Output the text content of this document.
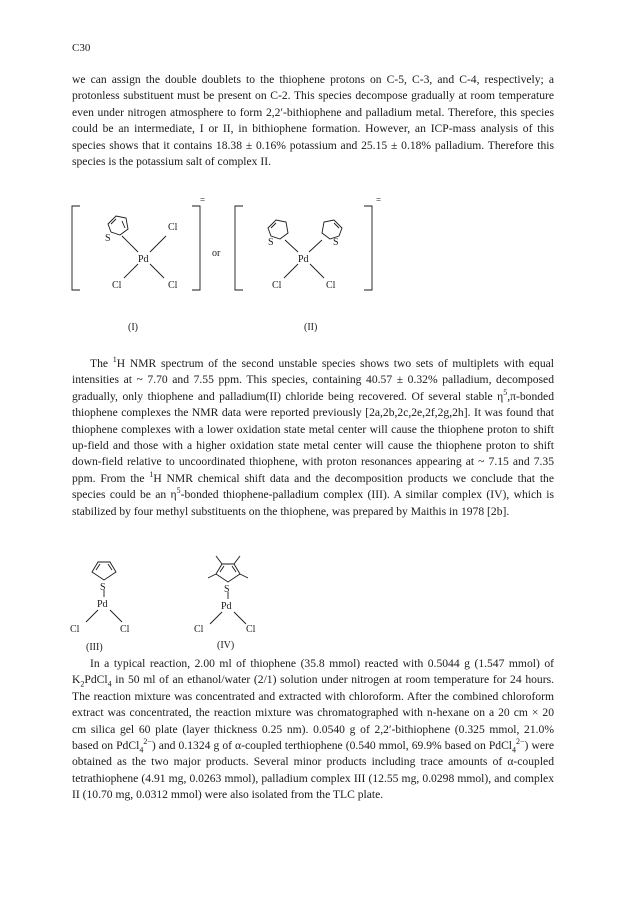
C30

we can assign the double doublets to the thiophene protons on C-5, C-3, and C-4, respectively; a protonless substituent must be present on C-2. This species decompose gradually at room temperature even under nitrogen atmosphere to form 2,2′-bithiophene and palladium metal. Therefore, this species could be an intermediate, I or II, in bithiophene formation. However, an ICP-mass analysis of this species shows that it contains 18.38 ± 0.16% potassium and 25.15 ± 0.18% palladium. Therefore this species is the potassium salt of complex II.

=
S
Pd
Cl
Cl	Cl
or
=
S	S
Pd
Cl	Cl
(I)	(II)

The $^1$H NMR spectrum of the second unstable species shows two sets of multiplets with equal intensities at ~ 7.70 and 7.55 ppm. This species, containing 40.57 ± 0.32% palladium, decomposed gradually, only thiophene and palladium(II) chloride being recovered. Of several stable $\eta^5,\pi$-bonded thiophene complexes the NMR data were reported previously [2a,2b,2c,2e,2f,2g,2h]. It was found that thiophene complexes with a lower oxidation state metal center will cause the thiophene proton to shift up-field and those with a higher oxidation state metal center will cause the thiophene proton to shift down-field relative to uncoordinated thiophene, with proton resonances appearing at ~ 7.15 and 7.35 ppm. From the $^1$H NMR chemical shift data and the decomposition products we conclude that the species could be an $\eta^5$-bonded thiophene-palladium complex (III). A similar complex (IV), which is stabilized by four methyl substituents on the thiophene, was prepared by Maithis in 1978 [2b].

S
Pd
Cl	Cl
(III)
S
Pd
Cl	Cl
(IV)

In a typical reaction, 2.00 ml of thiophene (35.8 mmol) reacted with 0.5044 g (1.547 mmol) of $K_2PdCl_4$ in 50 ml of an ethanol/water (2/1) solution under nitrogen at room temperature for 24 hours. The reaction mixture was concentrated and extracted with chloroform. After the combined chloroform extract was concentrated, the reaction mixture was chromatographed with n-hexane on a 20 cm × 20 cm silica gel 60 plate (layer thickness 0.25 nm). 0.0540 g of 2,2′-bithiophene (0.325 mmol, 21.0% based on PdCl$_4^{2-}$) and 0.1324 g of α-coupled terthiophene (0.540 mmol, 69.9% based on PdCl$_4^{2-}$) were obtained as the two major products. Several minor products including trace amounts of α-coupled tetrathiophene (4.91 mg, 0.0263 mmol), palladium complex III (12.55 mg, 0.0298 mmol), and complex II (10.70 mg, 0.0312 mmol) were also isolated from the TLC plate.
